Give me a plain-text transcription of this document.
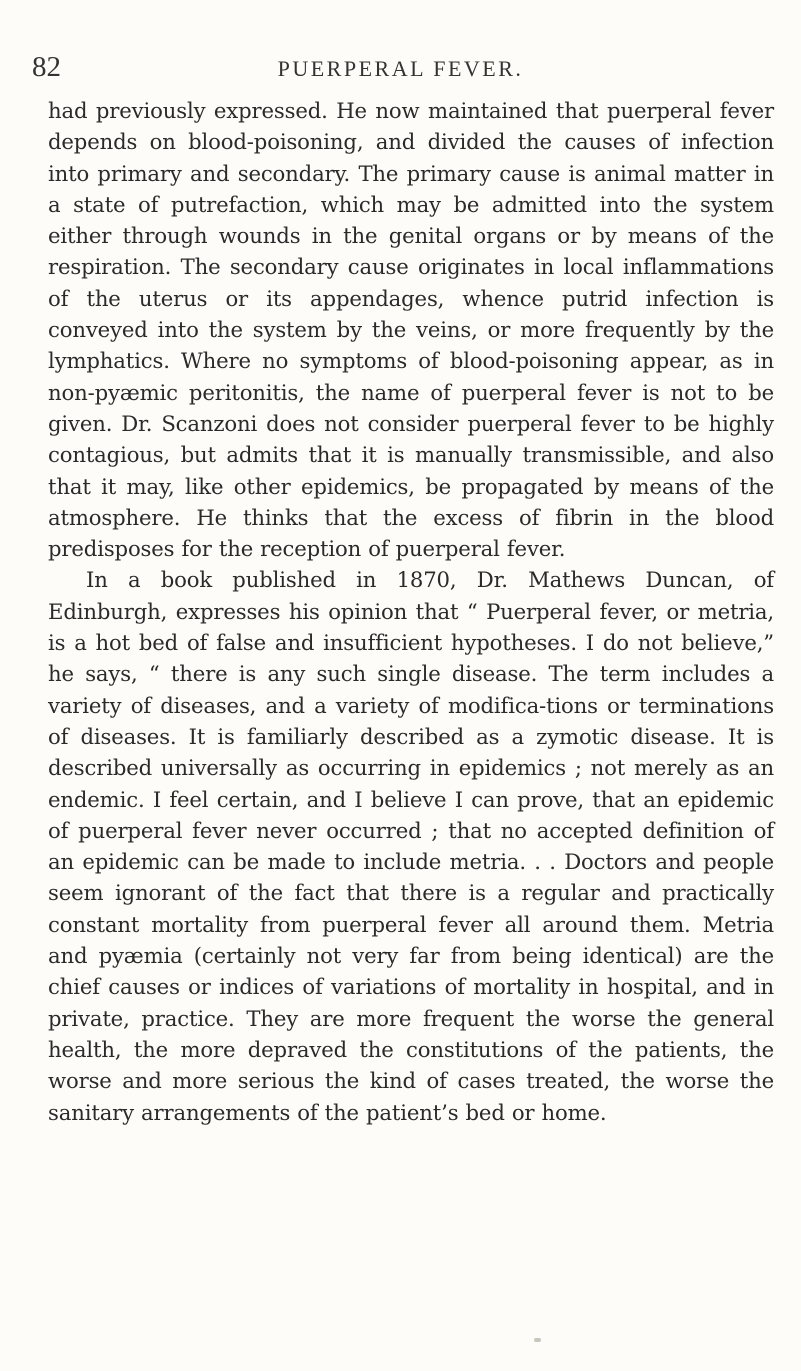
82	PUERPERAL FEVER.

had previously expressed. He now maintained that puerperal fever depends on blood-poisoning, and divided the causes of infection into primary and secondary. The primary cause is animal matter in a state of putrefaction, which may be admitted into the system either through wounds in the genital organs or by means of the respiration. The secondary cause originates in local inflammations of the uterus or its appendages, whence putrid infection is conveyed into the system by the veins, or more frequently by the lymphatics. Where no symptoms of blood-poisoning appear, as in non-pyæmic peritonitis, the name of puerperal fever is not to be given. Dr. Scanzoni does not consider puerperal fever to be highly contagious, but admits that it is manually transmissible, and also that it may, like other epidemics, be propagated by means of the atmosphere. He thinks that the excess of fibrin in the blood predisposes for the reception of puerperal fever.

In a book published in 1870, Dr. Mathews Duncan, of Edinburgh, expresses his opinion that “ Puerperal fever, or metria, is a hot bed of false and insufficient hypotheses. I do not believe,” he says, “ there is any such single disease. The term includes a variety of diseases, and a variety of modifica-tions or terminations of diseases. It is familiarly described as a zymotic disease. It is described universally as occurring in epidemics ; not merely as an endemic. I feel certain, and I believe I can prove, that an epidemic of puerperal fever never occurred ; that no accepted definition of an epidemic can be made to include metria. . . Doctors and people seem ignorant of the fact that there is a regular and practically constant mortality from puerperal fever all around them. Metria and pyæmia (certainly not very far from being identical) are the chief causes or indices of variations of mortality in hospital, and in private, practice. They are more frequent the worse the general health, the more depraved the constitutions of the patients, the worse and more serious the kind of cases treated, the worse the sanitary arrangements of the patient’s bed or home.
